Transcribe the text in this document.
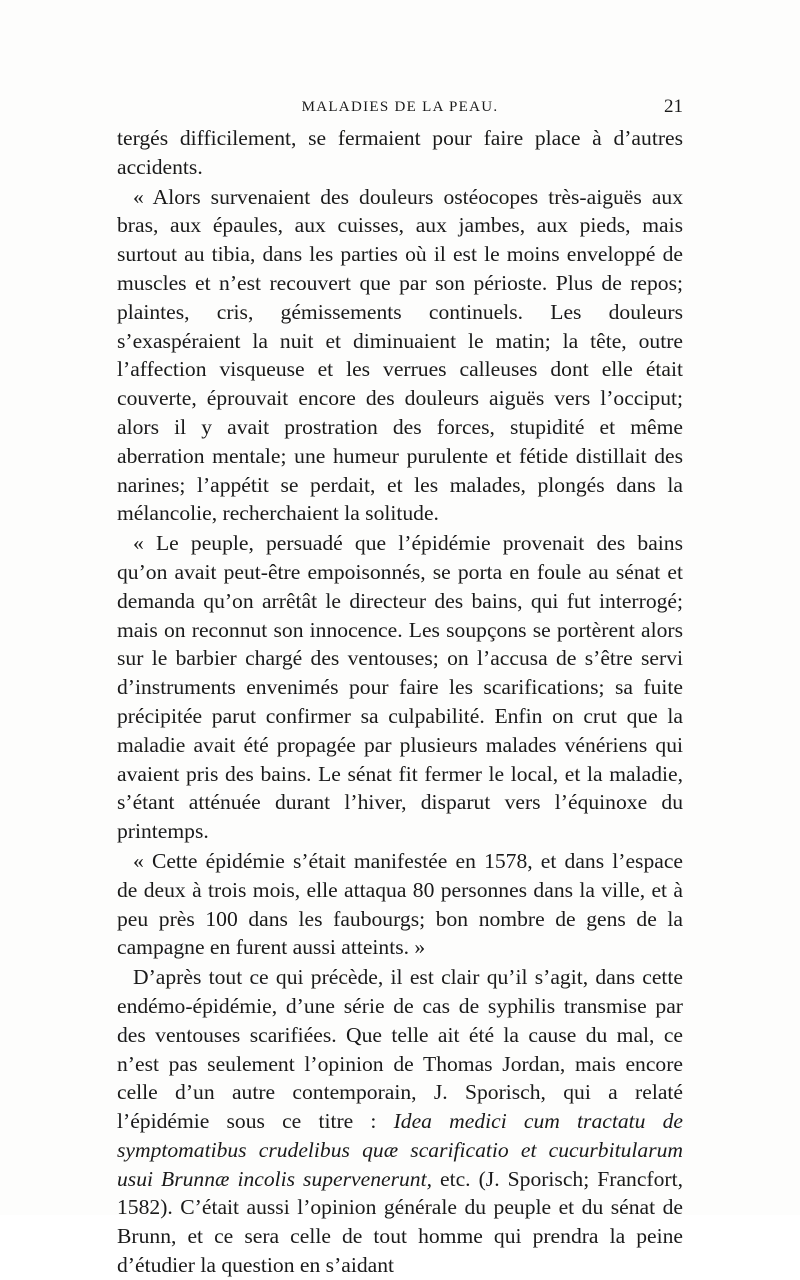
MALADIES DE LA PEAU.	21

tergés difficilement, se fermaient pour faire place à d’autres accidents.

« Alors survenaient des douleurs ostéocopes très-aiguës aux bras, aux épaules, aux cuisses, aux jambes, aux pieds, mais surtout au tibia, dans les parties où il est le moins enveloppé de muscles et n’est recouvert que par son périoste. Plus de repos; plaintes, cris, gémissements continuels. Les douleurs s’exaspéraient la nuit et diminuaient le matin; la tête, outre l’affection visqueuse et les verrues calleuses dont elle était couverte, éprouvait encore des douleurs aiguës vers l’occiput; alors il y avait prostration des forces, stupidité et même aberration mentale; une humeur purulente et fétide distillait des narines; l’appétit se perdait, et les malades, plongés dans la mélancolie, recherchaient la solitude.

« Le peuple, persuadé que l’épidémie provenait des bains qu’on avait peut-être empoisonnés, se porta en foule au sénat et demanda qu’on arrêtât le directeur des bains, qui fut interrogé; mais on reconnut son innocence. Les soupçons se portèrent alors sur le barbier chargé des ventouses; on l’accusa de s’être servi d’instruments envenimés pour faire les scarifications; sa fuite précipitée parut confirmer sa culpabilité. Enfin on crut que la maladie avait été propagée par plusieurs malades vénériens qui avaient pris des bains. Le sénat fit fermer le local, et la maladie, s’étant atténuée durant l’hiver, disparut vers l’équinoxe du printemps.

« Cette épidémie s’était manifestée en 1578, et dans l’espace de deux à trois mois, elle attaqua 80 personnes dans la ville, et à peu près 100 dans les faubourgs; bon nombre de gens de la campagne en furent aussi atteints. »

D’après tout ce qui précède, il est clair qu’il s’agit, dans cette endémo-épidémie, d’une série de cas de syphilis transmise par des ventouses scarifiées. Que telle ait été la cause du mal, ce n’est pas seulement l’opinion de Thomas Jordan, mais encore celle d’un autre contemporain, J. Sporisch, qui a relaté l’épidémie sous ce titre : Idea medici cum tractatu de symptomatibus crudelibus quæ scarificatio et cucurbitularum usui Brunnæ incolis supervenerunt, etc. (J. Sporisch; Francfort, 1582). C’était aussi l’opinion générale du peuple et du sénat de Brunn, et ce sera celle de tout homme qui prendra la peine d’étudier la question en s’aidant
